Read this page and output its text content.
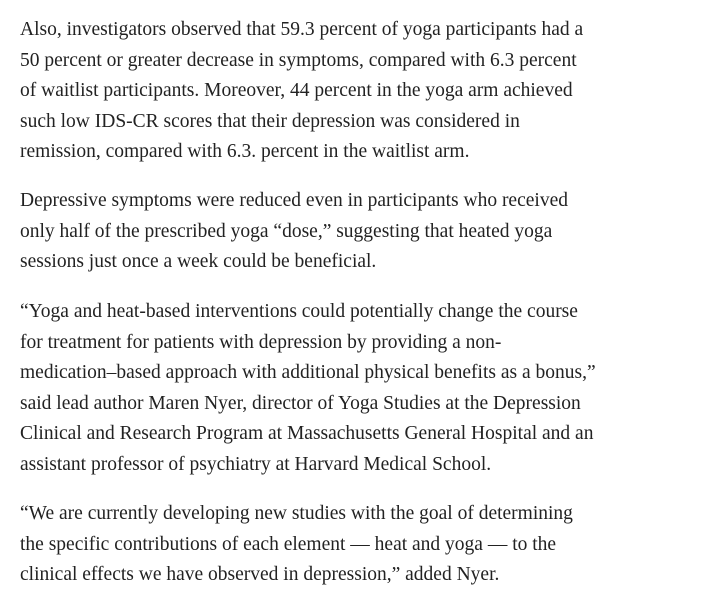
Also, investigators observed that 59.3 percent of yoga participants had a
50 percent or greater decrease in symptoms, compared with 6.3 percent
of waitlist participants. Moreover, 44 percent in the yoga arm achieved
such low IDS-CR scores that their depression was considered in
remission, compared with 6.3. percent in the waitlist arm.

Depressive symptoms were reduced even in participants who received
only half of the prescribed yoga “dose,” suggesting that heated yoga
sessions just once a week could be beneficial.

“Yoga and heat-based interventions could potentially change the course
for treatment for patients with depression by providing a non-
medication–based approach with additional physical benefits as a bonus,”
said lead author Maren Nyer, director of Yoga Studies at the Depression
Clinical and Research Program at Massachusetts General Hospital and an
assistant professor of psychiatry at Harvard Medical School.

“We are currently developing new studies with the goal of determining
the specific contributions of each element — heat and yoga — to the
clinical effects we have observed in depression,” added Nyer.
